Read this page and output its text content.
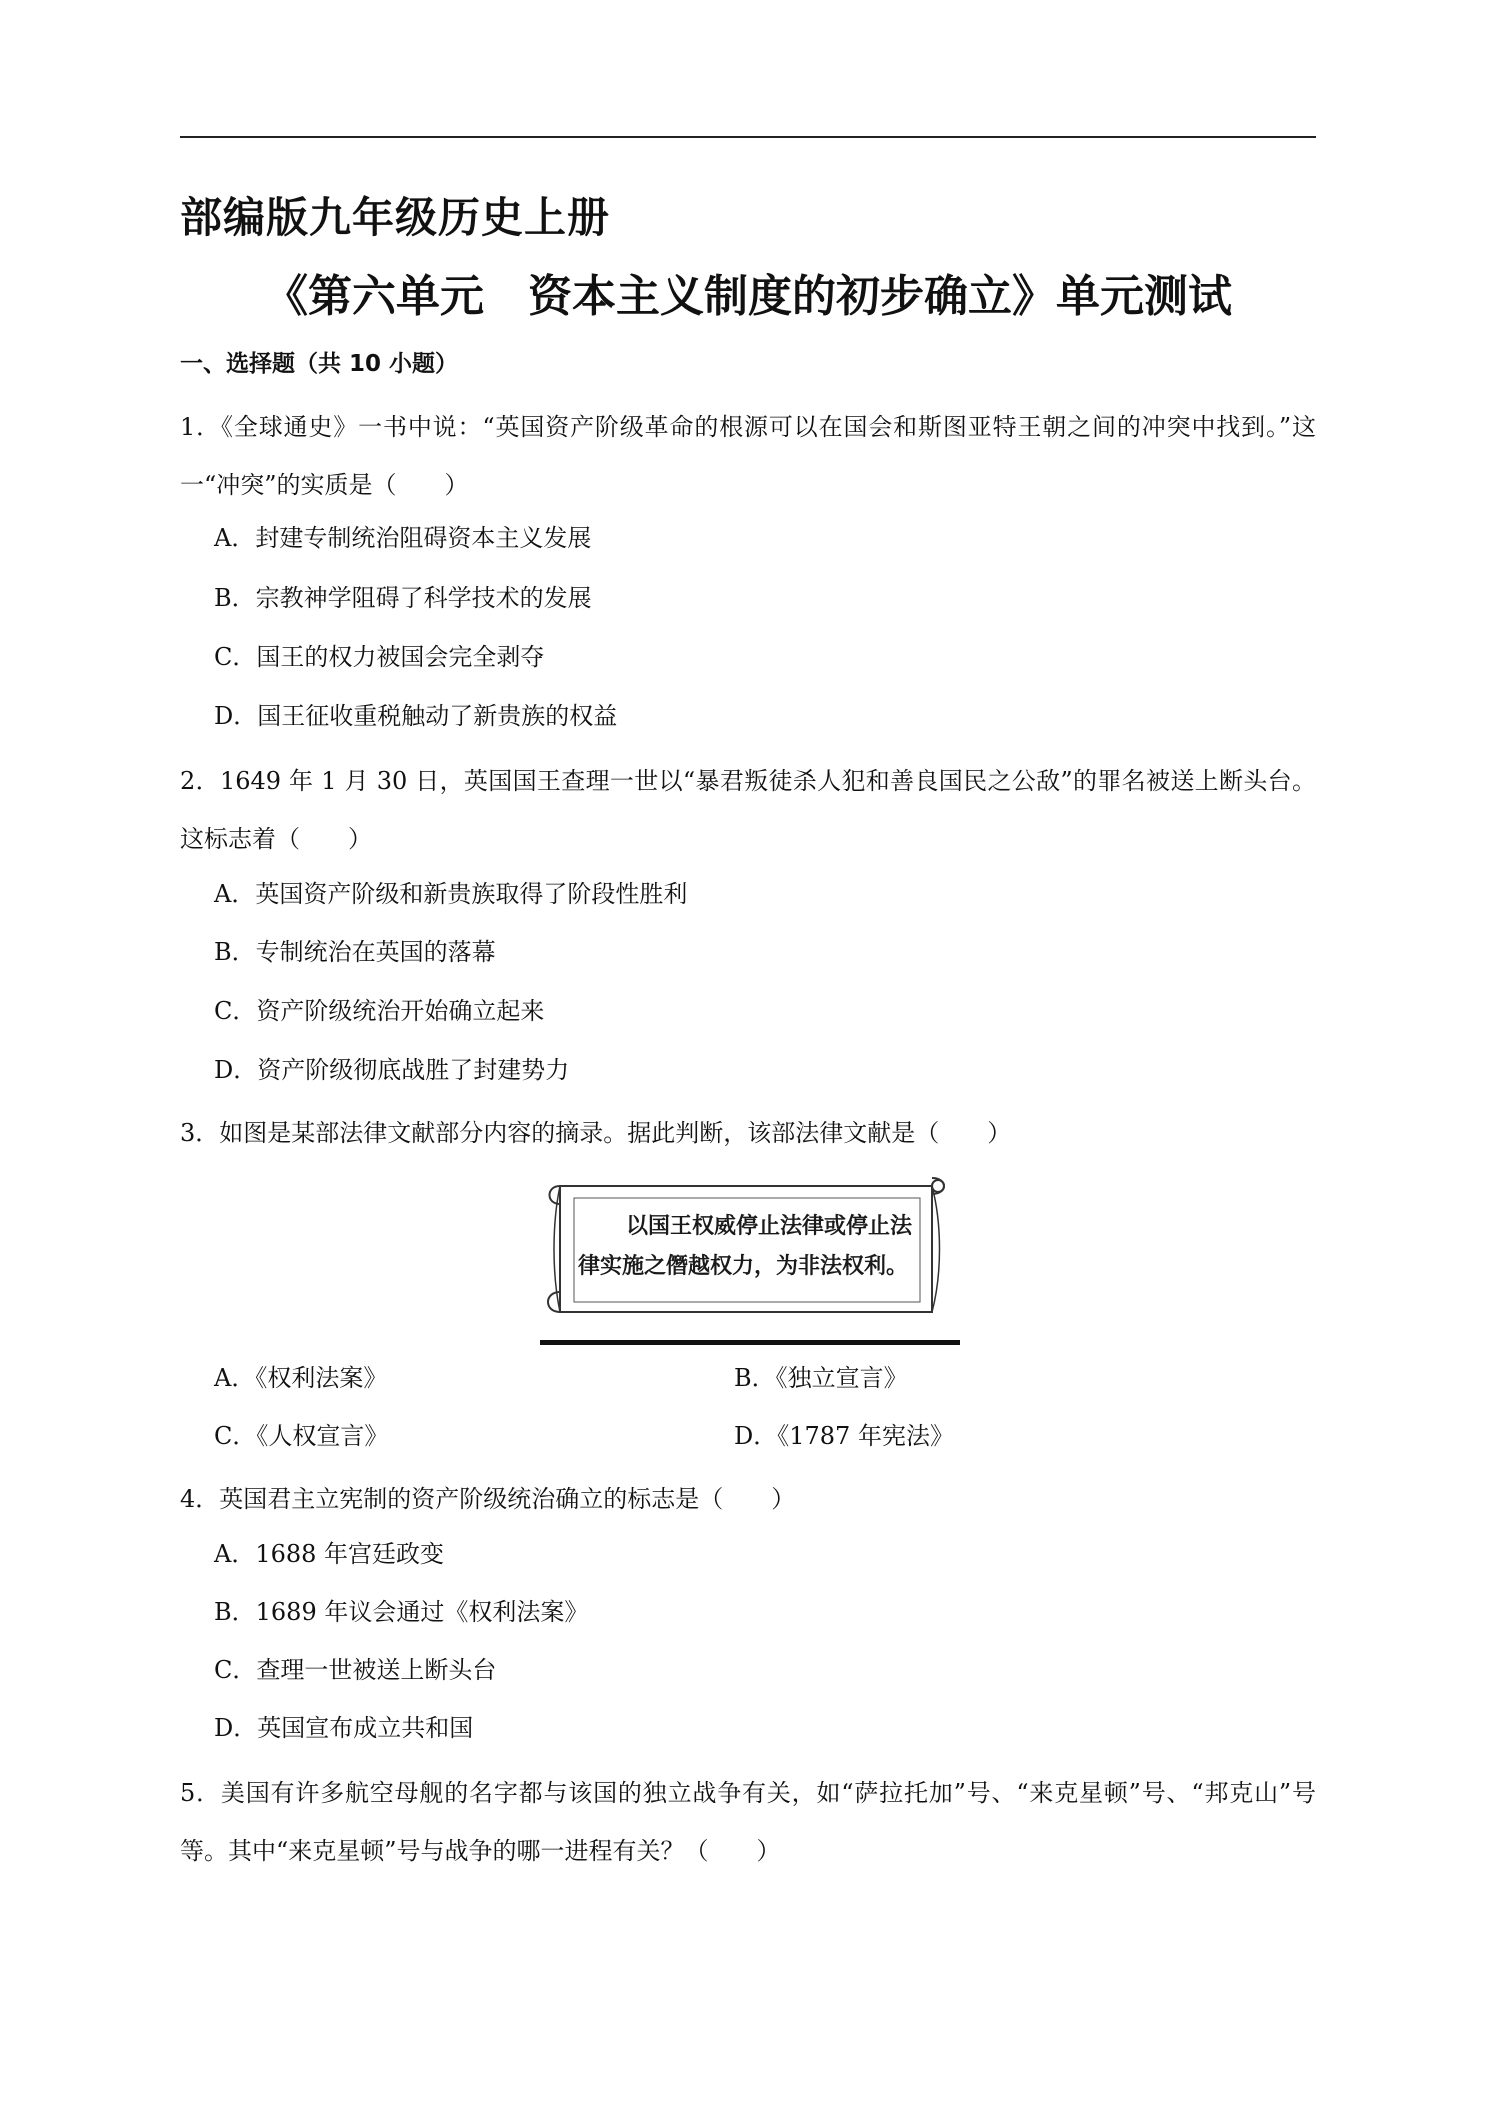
部编版九年级历史上册
《第六单元　资本主义制度的初步确立》单元测试
一、选择题（共 10 小题）
1．《全球通史》一书中说：“英国资产阶级革命的根源可以在国会和斯图亚特王朝之间的冲突中找到。”这一“冲突”的实质是（　　）
A．封建专制统治阻碍资本主义发展
B．宗教神学阻碍了科学技术的发展
C．国王的权力被国会完全剥夺
D．国王征收重税触动了新贵族的权益
2．1649 年 1 月 30 日，英国国王查理一世以“暴君叛徒杀人犯和善良国民之公敌”的罪名被送上断头台。这标志着（　　）
A．英国资产阶级和新贵族取得了阶段性胜利
B．专制统治在英国的落幕
C．资产阶级统治开始确立起来
D．资产阶级彻底战胜了封建势力
3．如图是某部法律文献部分内容的摘录。据此判断，该部法律文献是（　　）
以国王权威停止法律或停止法
律实施之僭越权力，为非法权利。
A．《权利法案》	B．《独立宣言》
C．《人权宣言》	D．《1787 年宪法》
4．英国君主立宪制的资产阶级统治确立的标志是（　　）
A．1688 年宫廷政变
B．1689 年议会通过《权利法案》
C．查理一世被送上断头台
D．英国宣布成立共和国
5．美国有许多航空母舰的名字都与该国的独立战争有关，如“萨拉托加”号、“来克星顿”号、“邦克山”号等。其中“来克星顿”号与战争的哪一进程有关？（　　）
